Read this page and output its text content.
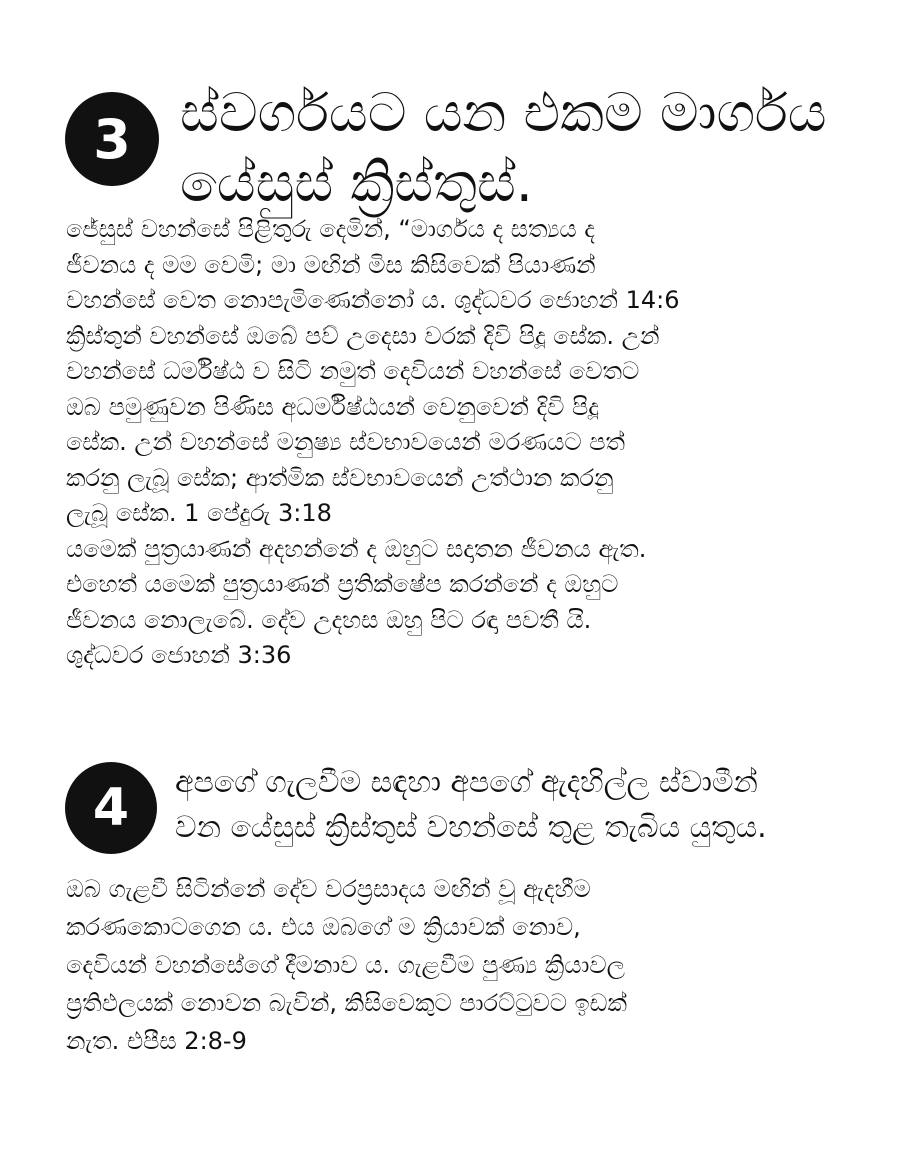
3 ස්වර්ගයට යන එකම මාර්ගය
යේසුස් ක්‍රිස්තුස්.
ජේසුස් වහන්සේ පිළිතුරු දෙමින්, “මාර්ගය ද සත්‍යය ද
ජීවනය ද මම වෙමි; මා මඟින් මිස කිසිවෙක් පියාණන්
වහන්සේ වෙත නොපැමිණෙන්නෝ ය. ශුද්ධවර ජොහන් 14:6
ක්‍රිස්තුන් වහන්සේ ඔබේ පව් උදෙසා වරක් දිවි පිදූ සේක. උන්
වහන්සේ ධර්මිෂ්ඨ ව සිටි නමුත් දෙවියන් වහන්සේ වෙතට
ඔබ පමුණුවන පිණිස අධර්මිෂ්ඨයන් වෙනුවෙන් දිවි පිදූ
සේක. උන් වහන්සේ මනුෂ්‍ය ස්වභාවයෙන් මරණයට පත්
කරනු ලැබූ සේක; ආත්මික ස්වභාවයෙන් උත්ථාන කරනු
ලැබූ සේක. 1 පේදුරු 3:18
යමෙක් පුත්‍රයාණන් අදහන්නේ ද ඔහුට සදාතන ජීවනය ඇත.
එහෙත් යමෙක් පුත්‍රයාණන් ප්‍රතික්ෂේප කරන්නේ ද ඔහුට
ජීවනය නොලැබේ. දේව උදහස ඔහු පිට රඳා පවතී යි.
ශුද්ධවර ජොහන් 3:36
4 අපගේ ගැලවීම සඳහා අපගේ ඇදහිල්ල ස්වාමීන්
වන යේසුස් ක්‍රිස්තුස් වහන්සේ තුළ තැබිය යුතුය.
ඔබ ගැළවී සිටින්නේ දේව වරප්‍රසාදය මඟින් වූ ඇදහීම
කරණකොටගෙන ය. එය ඔබගේ ම ක්‍රියාවක් නොව,
දෙවියන් වහන්සේගේ දීමනාව ය. ගැළවීම පුණ්‍ය ක්‍රියාවල
ප්‍රතිඵලයක් නොවන බැවින්, කිසිවෙකුට පාරට්ටුවට ඉඩක්
නැත. එපීස 2:8-9
